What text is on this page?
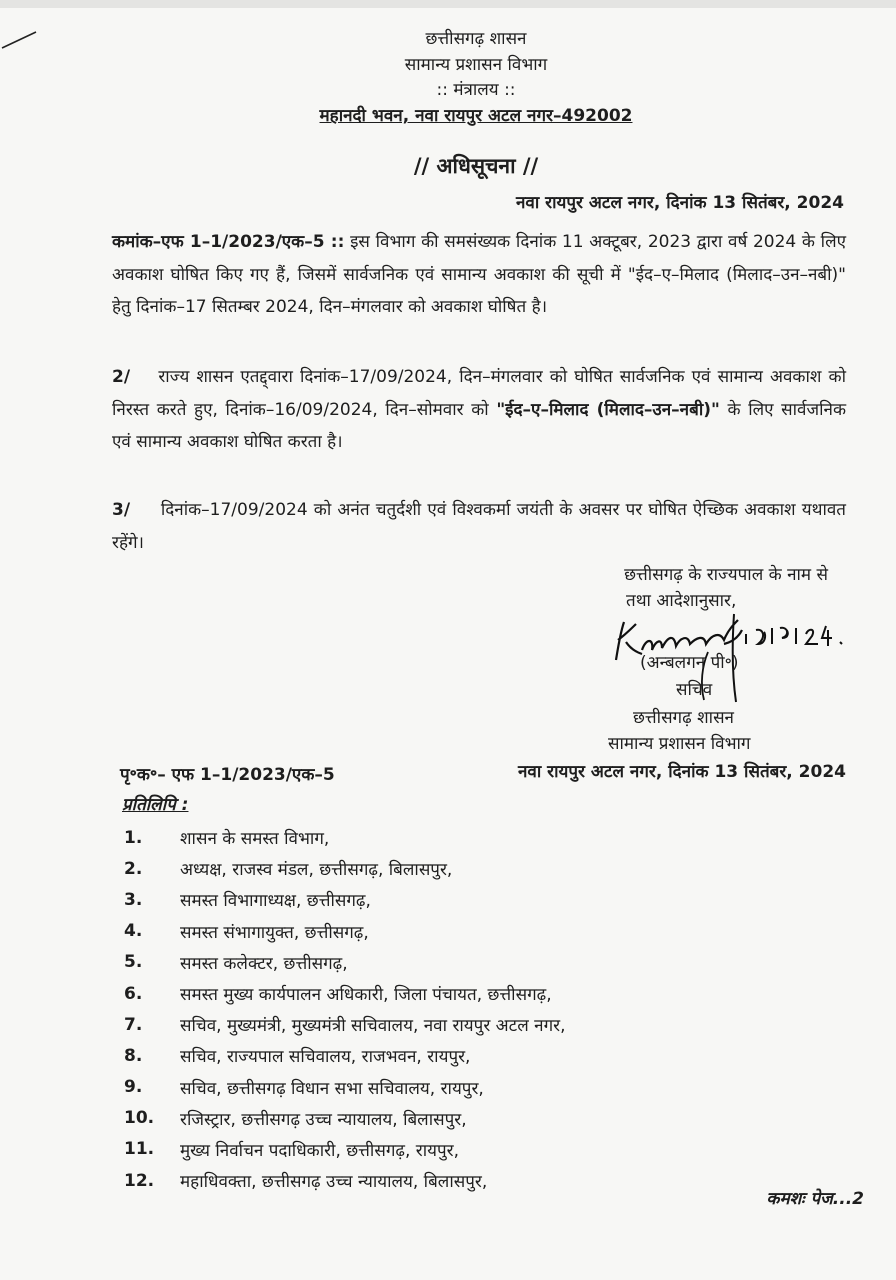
छत्तीसगढ़ शासन
सामान्य प्रशासन विभाग
:: मंत्रालय ::
महानदी भवन, नवा रायपुर अटल नगर–492002
// अधिसूचना //
नवा रायपुर अटल नगर, दिनांक 13 सितंबर, 2024
कमांक–एफ 1–1/2023/एक–5 :: इस विभाग की समसंख्यक दिनांक 11 अक्टूबर, 2023 द्वारा वर्ष 2024 के लिए अवकाश घोषित किए गए हैं, जिसमें सार्वजनिक एवं सामान्य अवकाश की सूची में "ईद–ए–मिलाद (मिलाद–उन–नबी)" हेतु दिनांक–17 सितम्बर 2024, दिन–मंगलवार को अवकाश घोषित है।
2/ राज्य शासन एतद्द्वारा दिनांक–17/09/2024, दिन–मंगलवार को घोषित सार्वजनिक एवं सामान्य अवकाश को निरस्त करते हुए, दिनांक–16/09/2024, दिन–सोमवार को "ईद–ए–मिलाद (मिलाद–उन–नबी)" के लिए सार्वजनिक एवं सामान्य अवकाश घोषित करता है।
3/ दिनांक–17/09/2024 को अनंत चतुर्दशी एवं विश्वकर्मा जयंती के अवसर पर घोषित ऐच्छिक अवकाश यथावत रहेंगे।
छत्तीसगढ़ के राज्यपाल के नाम से
तथा आदेशानुसार,
(अन्बलगन पी॰)
सचिव
छत्तीसगढ़ शासन
सामान्य प्रशासन विभाग
पृ॰क॰– एफ 1–1/2023/एक–5	नवा रायपुर अटल नगर, दिनांक 13 सितंबर, 2024
प्रतिलिपि :
1.	शासन के समस्त विभाग,
2.	अध्यक्ष, राजस्व मंडल, छत्तीसगढ़, बिलासपुर,
3.	समस्त विभागाध्यक्ष, छत्तीसगढ़,
4.	समस्त संभागायुक्त, छत्तीसगढ़,
5.	समस्त कलेक्टर, छत्तीसगढ़,
6.	समस्त मुख्य कार्यपालन अधिकारी, जिला पंचायत, छत्तीसगढ़,
7.	सचिव, मुख्यमंत्री, मुख्यमंत्री सचिवालय, नवा रायपुर अटल नगर,
8.	सचिव, राज्यपाल सचिवालय, राजभवन, रायपुर,
9.	सचिव, छत्तीसगढ़ विधान सभा सचिवालय, रायपुर,
10.	रजिस्ट्रार, छत्तीसगढ़ उच्च न्यायालय, बिलासपुर,
11.	मुख्य निर्वाचन पदाधिकारी, छत्तीसगढ़, रायपुर,
12.	महाधिवक्ता, छत्तीसगढ़ उच्च न्यायालय, बिलासपुर,
कमशः पेज...2
